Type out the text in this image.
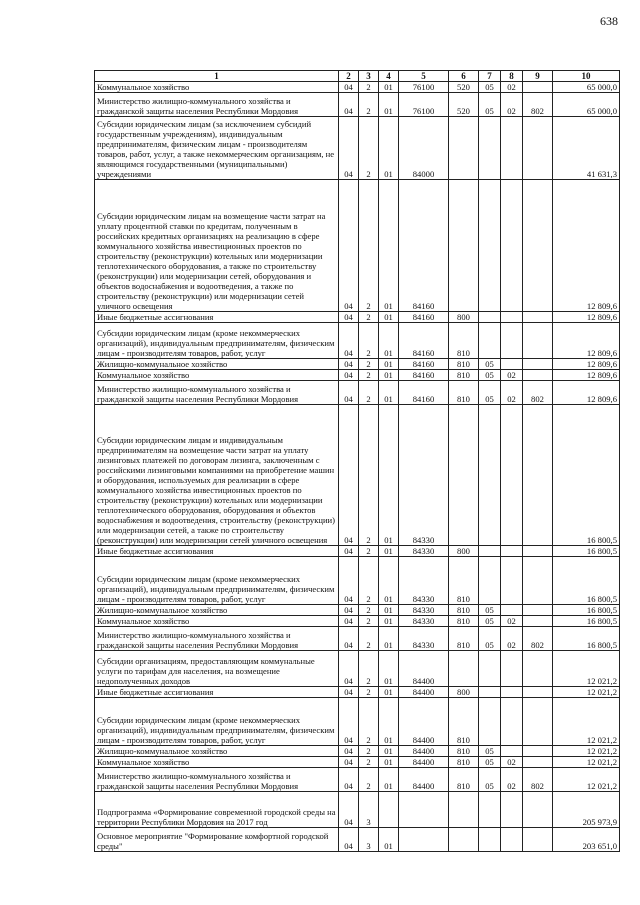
638
1	2	3	4	5	6	7	8	9	10
Коммунальное хозяйство	04	2	01	76100	520	05	02		65 000,0
Министерство жилищно-коммунального хозяйства и гражданской защиты населения Республики Мордовия	04	2	01	76100	520	05	02	802	65 000,0
Субсидии юридическим лицам (за исключением субсидий государственным учреждениям), индивидуальным предпринимателям, физическим лицам - производителям товаров, работ, услуг, а также некоммерческим организациям, не являющимся государственными (муниципальными) учреждениями	04	2	01	84000					41 631,3
Субсидии юридическим лицам на возмещение части затрат на уплату процентной ставки по кредитам, полученным в российских кредитных организациях на реализацию в сфере коммунального хозяйства инвестиционных проектов по строительству (реконструкции) котельных или модернизации теплотехнического оборудования, а также по строительству (реконструкции) или модернизации сетей, оборудования и объектов водоснабжения и водоотведения, а также по строительству (реконструкции) или модернизации сетей уличного освещения	04	2	01	84160					12 809,6
Иные бюджетные ассигнования	04	2	01	84160	800				12 809,6
Субсидии юридическим лицам (кроме некоммерческих организаций), индивидуальным предпринимателям, физическим лицам - производителям товаров, работ, услуг	04	2	01	84160	810				12 809,6
Жилищно-коммунальное хозяйство	04	2	01	84160	810	05			12 809,6
Коммунальное хозяйство	04	2	01	84160	810	05	02		12 809,6
Министерство жилищно-коммунального хозяйства и гражданской защиты населения Республики Мордовия	04	2	01	84160	810	05	02	802	12 809,6
Субсидии юридическим лицам и индивидуальным предпринимателям на возмещение части затрат на уплату лизинговых платежей по договорам лизинга, заключенным с российскими лизинговыми компаниями на приобретение машин и оборудования, используемых для реализации в сфере коммунального хозяйства инвестиционных проектов по строительству (реконструкции) котельных или модернизации теплотехнического оборудования, оборудования и объектов водоснабжения и водоотведения, строительству (реконструкции) или модернизации сетей, а также по строительству (реконструкции) или модернизации сетей уличного освещения	04	2	01	84330					16 800,5
Иные бюджетные ассигнования	04	2	01	84330	800				16 800,5
Субсидии юридическим лицам (кроме некоммерческих организаций), индивидуальным предпринимателям, физическим лицам - производителям товаров, работ, услуг	04	2	01	84330	810				16 800,5
Жилищно-коммунальное хозяйство	04	2	01	84330	810	05			16 800,5
Коммунальное хозяйство	04	2	01	84330	810	05	02		16 800,5
Министерство жилищно-коммунального хозяйства и гражданской защиты населения Республики Мордовия	04	2	01	84330	810	05	02	802	16 800,5
Субсидии организациям, предоставляющим коммунальные услуги по тарифам для населения, на возмещение недополученных доходов	04	2	01	84400					12 021,2
Иные бюджетные ассигнования	04	2	01	84400	800				12 021,2
Субсидии юридическим лицам (кроме некоммерческих организаций), индивидуальным предпринимателям, физическим лицам - производителям товаров, работ, услуг	04	2	01	84400	810				12 021,2
Жилищно-коммунальное хозяйство	04	2	01	84400	810	05			12 021,2
Коммунальное хозяйство	04	2	01	84400	810	05	02		12 021,2
Министерство жилищно-коммунального хозяйства и гражданской защиты населения Республики Мордовия	04	2	01	84400	810	05	02	802	12 021,2
Подпрограмма «Формирование современной городской среды на территории Республики Мордовия на 2017 год	04	3							205 973,9
Основное мероприятие "Формирование комфортной городской среды"	04	3	01						203 651,0
